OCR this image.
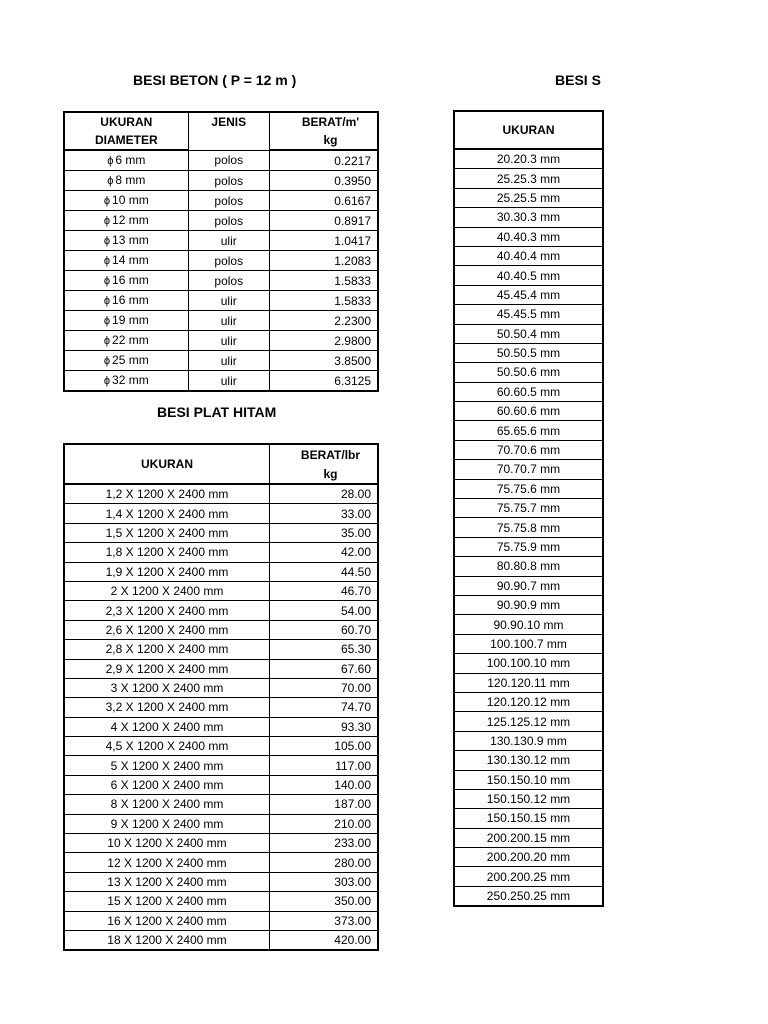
BESI BETON ( P = 12 m )	BESI S
BESI PLAT HITAM
UKURAN	JENIS	BERAT/m'
DIAMETER		kg
ϕ 6 mm	polos	0.2217
ϕ 8 mm	polos	0.3950
ϕ 10 mm	polos	0.6167
ϕ 12 mm	polos	0.8917
ϕ 13 mm	ulir	1.0417
ϕ 14 mm	polos	1.2083
ϕ 16 mm	polos	1.5833
ϕ 16 mm	ulir	1.5833
ϕ 19 mm	ulir	2.2300
ϕ 22 mm	ulir	2.9800
ϕ 25 mm	ulir	3.8500
ϕ 32 mm	ulir	6.3125
UKURAN	BERAT/lbr
	kg
1,2 X 1200 X 2400 mm	28.00
1,4 X 1200 X 2400 mm	33.00
1,5 X 1200 X 2400 mm	35.00
1,8 X 1200 X 2400 mm	42.00
1,9 X 1200 X 2400 mm	44.50
2 X 1200 X 2400 mm	46.70
2,3 X 1200 X 2400 mm	54.00
2,6 X 1200 X 2400 mm	60.70
2,8 X 1200 X 2400 mm	65.30
2,9 X 1200 X 2400 mm	67.60
3 X 1200 X 2400 mm	70.00
3,2 X 1200 X 2400 mm	74.70
4 X 1200 X 2400 mm	93.30
4,5 X 1200 X 2400 mm	105.00
5 X 1200 X 2400 mm	117.00
6 X 1200 X 2400 mm	140.00
8 X 1200 X 2400 mm	187.00
9 X 1200 X 2400 mm	210.00
10 X 1200 X 2400 mm	233.00
12 X 1200 X 2400 mm	280.00
13 X 1200 X 2400 mm	303.00
15 X 1200 X 2400 mm	350.00
16 X 1200 X 2400 mm	373.00
18 X 1200 X 2400 mm	420.00
UKURAN
20.20.3 mm
25.25.3 mm
25.25.5 mm
30.30.3 mm
40.40.3 mm
40.40.4 mm
40.40.5 mm
45.45.4 mm
45.45.5 mm
50.50.4 mm
50.50.5 mm
50.50.6 mm
60.60.5 mm
60.60.6 mm
65.65.6 mm
70.70.6 mm
70.70.7 mm
75.75.6 mm
75.75.7 mm
75.75.8 mm
75.75.9 mm
80.80.8 mm
90.90.7 mm
90.90.9 mm
90.90.10 mm
100.100.7 mm
100.100.10 mm
120.120.11 mm
120.120.12 mm
125.125.12 mm
130.130.9 mm
130.130.12 mm
150.150.10 mm
150.150.12 mm
150.150.15 mm
200.200.15 mm
200.200.20 mm
200.200.25 mm
250.250.25 mm
